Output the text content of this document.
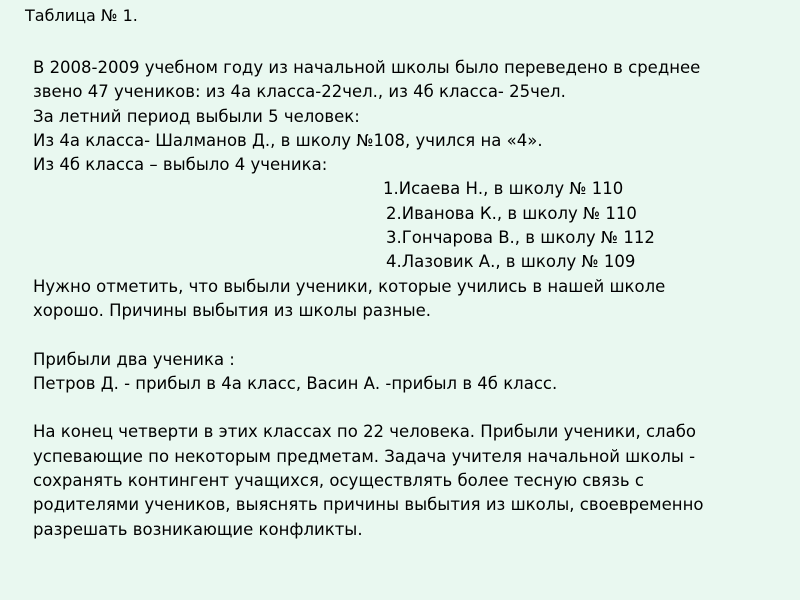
Таблица № 1.
В 2008-2009 учебном году из начальной школы было переведено в среднее
звено 47 учеников: из 4а класса-22чел., из 4б класса- 25чел.
За летний период выбыли 5 человек:
Из 4а класса- Шалманов Д., в школу №108, учился на «4».
Из 4б класса – выбыло 4 ученика:
1.Исаева Н., в школу № 110
2.Иванова К., в школу № 110
3.Гончарова В., в школу № 112
4.Лазовик А., в школу № 109
Нужно отметить, что выбыли ученики, которые учились в нашей школе
хорошо. Причины выбытия из школы разные.
Прибыли два ученика :
Петров Д. - прибыл в 4а класс, Васин А. -прибыл в 4б класс.
На конец четверти в этих классах по 22 человека. Прибыли ученики, слабо
успевающие по некоторым предметам. Задача учителя начальной школы -
сохранять контингент учащихся, осуществлять более тесную связь с
родителями учеников, выяснять причины выбытия из школы, своевременно
разрешать возникающие конфликты.
